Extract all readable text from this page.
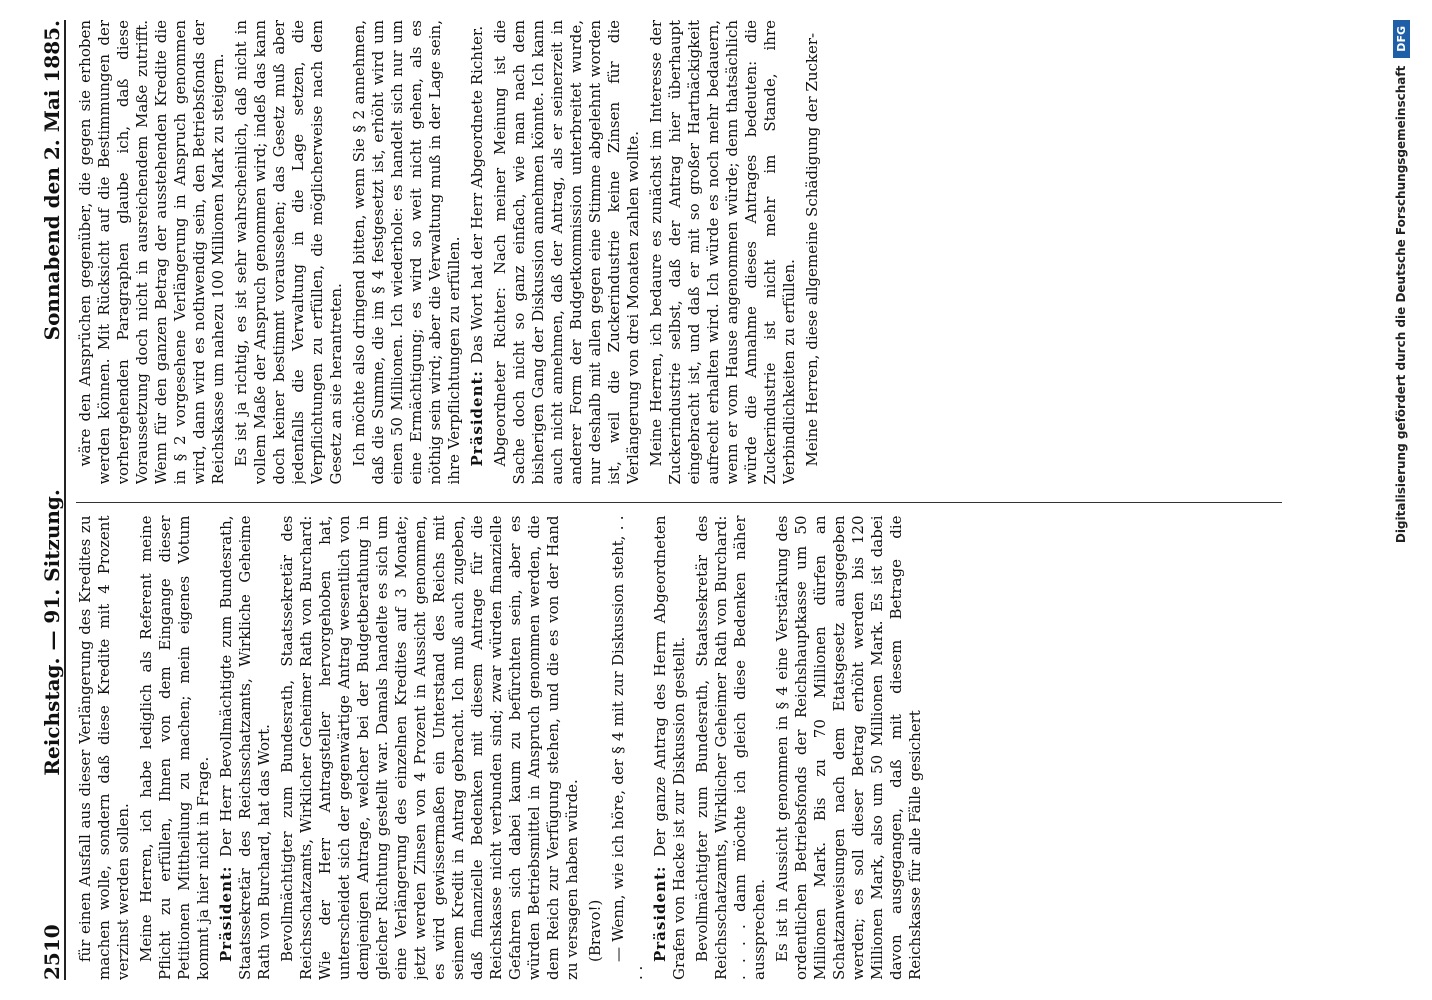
2510
Reichstag. — 91. Sitzung.
Sonnabend den 2. Mai 1885.

für einen Ausfall aus dieser Verlängerung des Kredites zu machen wolle, sondern daß diese Kredite mit 4 Prozent verzinst werden sollen. Meine Herren, ich habe lediglich als Referent meine Pflicht zu erfüllen, Ihnen von dem Eingange dieser Petitionen Mittheilung zu machen; mein eigenes Votum kommt ja hier nicht in Frage. Präsident: Der Herr Bevollmächtigte zum Bundesrath, Staatssekretär des Reichsschatzamts, Wirkliche Geheime Rath von Burchard, hat das Wort. Bevollmächtigter zum Bundesrath, Staatssekretär des Reichsschatzamts, Wirklicher Geheimer Rath von Burchard: Wie der Herr Antragsteller hervorgehoben hat, unterscheidet sich der gegenwärtige Antrag wesentlich von demjenigen Antrage, welcher bei der Budgetberathung in gleicher Richtung gestellt war. Damals handelte es sich um eine Verlängerung des einzelnen Kredites auf 3 Monate; jetzt werden Zinsen von 4 Prozent in Aussicht genommen, es wird gewissermaßen ein Unterstand des Reichs mit seinem Kredit in Antrag gebracht. Ich muß auch zugeben, daß finanzielle Bedenken mit diesem Antrage für die Reichskasse nicht verbunden sind; zwar würden finanzielle Gefahren sich dabei kaum zu befürchten sein, aber es würden Betriebsmittel in Anspruch genommen werden, die dem Reich zur Verfügung stehen, und die es von der Hand zu versagen haben würde. (Bravo!) — Wenn, wie ich höre, der § 4 mit zur Diskussion steht, . . . .

Präsident: Der ganze Antrag des Herrn Abgeordneten Grafen von Hacke ist zur Diskussion gestellt. Bevollmächtigter zum Bundesrath, Staatssekretär des Reichsschatzamts, Wirklicher Geheimer Rath von Burchard: . . . . dann möchte ich gleich diese Bedenken näher aussprechen. Es ist in Aussicht genommen in § 4 eine Verstärkung des ordentlichen Betriebsfonds der Reichshauptkasse um 50 Millionen Mark. Bis zu 70 Millionen dürfen an Schatzanweisungen nach dem Etatsgesetz ausgegeben werden; es soll dieser Betrag erhöht werden bis 120 Millionen Mark, also um 50 Millionen Mark. Es ist dabei davon ausgegangen, daß mit diesem Betrage die Reichskasse für alle Fälle gesichert

wäre den Ansprüchen gegenüber, die gegen sie erhoben werden können. Mit Rücksicht auf die Bestimmungen der vorhergehenden Paragraphen glaube ich, daß diese Voraussetzung doch nicht in ausreichendem Maße zutrifft. Wenn für den ganzen Betrag der ausstehenden Kredite die in § 2 vorgesehene Verlängerung in Anspruch genommen wird, dann wird es nothwendig sein, den Betriebsfonds der Reichskasse um nahezu 100 Millionen Mark zu steigern. Es ist ja richtig, es ist sehr wahrscheinlich, daß nicht in vollem Maße der Anspruch genommen wird; indeß das kann doch keiner bestimmt voraussehen; das Gesetz muß aber jedenfalls die Verwaltung in die Lage setzen, die Verpflichtungen zu erfüllen, die möglicherweise nach dem Gesetz an sie herantreten. Ich möchte also dringend bitten, wenn Sie § 2 annehmen, daß die Summe, die im § 4 festgesetzt ist, erhöht wird um einen 50 Millionen. Ich wiederhole: es handelt sich nur um eine Ermächtigung; es wird so weit nicht gehen, als es nöthig sein wird; aber die Verwaltung muß in der Lage sein, ihre Verpflichtungen zu erfüllen. Präsident: Das Wort hat der Herr Abgeordnete Richter. Abgeordneter Richter: Nach meiner Meinung ist die Sache doch nicht so ganz einfach, wie man nach dem bisherigen Gang der Diskussion annehmen könnte. Ich kann auch nicht annehmen, daß der Antrag, als er seinerzeit in anderer Form der Budgetkommission unterbreitet wurde, nur deshalb mit allen gegen eine Stimme abgelehnt worden ist, weil die Zuckerindustrie keine Zinsen für die Verlängerung von drei Monaten zahlen wollte. Meine Herren, ich bedaure es zunächst im Interesse der Zuckerindustrie selbst, daß der Antrag hier überhaupt eingebracht ist, und daß er mit so großer Hartnäckigkeit aufrecht erhalten wird. Ich würde es noch mehr bedauern, wenn er vom Hause angenommen würde; denn thatsächlich würde die Annahme dieses Antrages bedeuten: die Zuckerindustrie ist nicht mehr im Stande, ihre Verbindlichkeiten zu erfüllen. Meine Herren, diese allgemeine Schädigung der Zucker-	Digitalisierung gefördert durch die Deutsche Forschungsgemeinschaft
DFG
